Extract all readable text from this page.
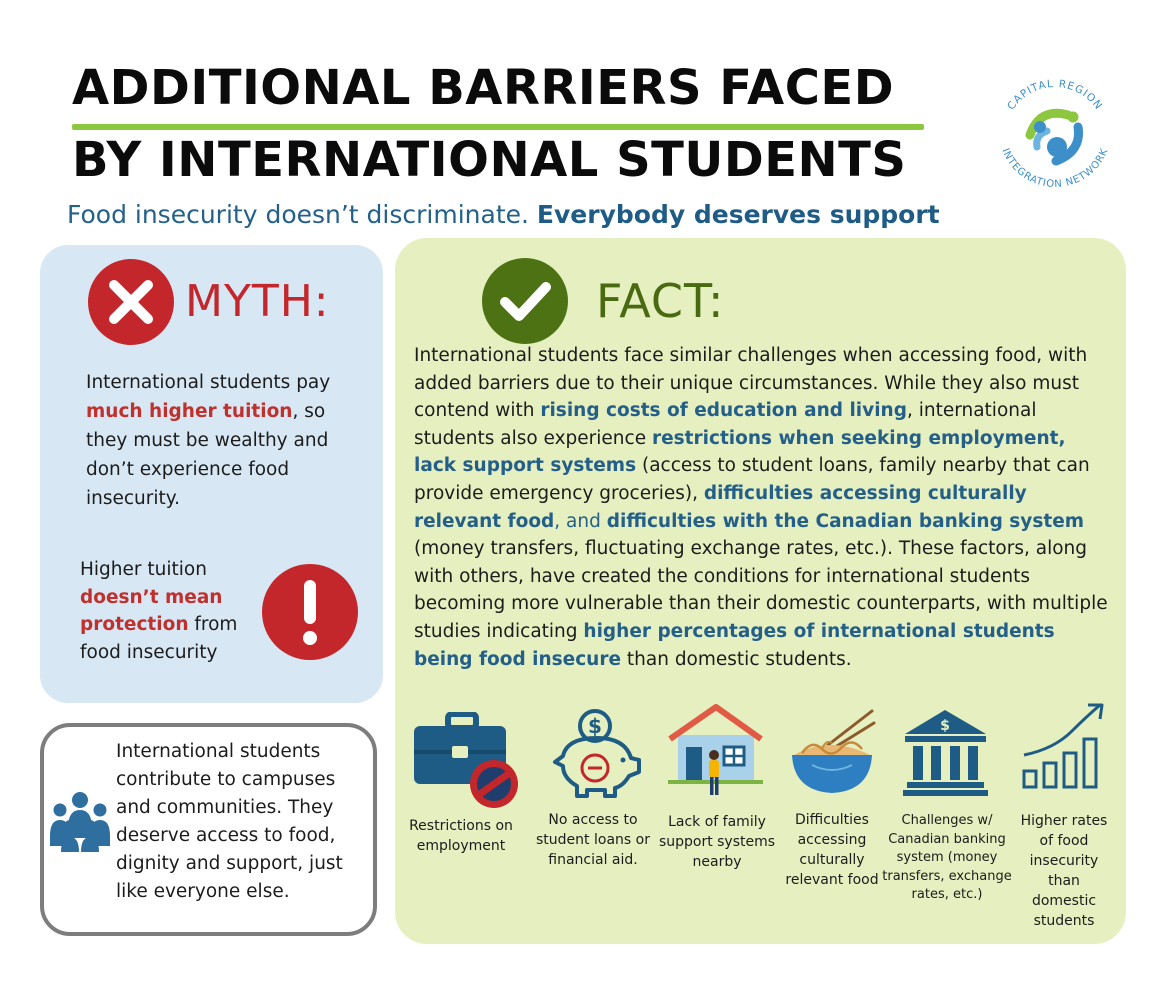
ADDITIONAL BARRIERS FACED
BY INTERNATIONAL STUDENTS
CAPITAL REGION
INTEGRATION NETWORK
Food insecurity doesn’t discriminate. Everybody deserves support
MYTH:
International students pay much higher tuition, so they must be wealthy and don’t experience food insecurity.
Higher tuition doesn’t mean protection from food insecurity
International students contribute to campuses and communities. They deserve access to food, dignity and support, just like everyone else.
FACT:
International students face similar challenges when accessing food, with added barriers due to their unique circumstances. While they also must contend with rising costs of education and living, international students also experience restrictions when seeking employment, lack support systems (access to student loans, family nearby that can provide emergency groceries), difficulties accessing culturally relevant food, and difficulties with the Canadian banking system (money transfers, fluctuating exchange rates, etc.). These factors, along with others, have created the conditions for international students becoming more vulnerable than their domestic counterparts, with multiple studies indicating higher percentages of international students being food insecure than domestic students.
$	$
Restrictions on employment
No access to student loans or financial aid.
Lack of family support systems nearby
Difficulties accessing culturally relevant food
Challenges w/ Canadian banking system (money transfers, exchange rates, etc.)
Higher rates of food insecurity than domestic students
